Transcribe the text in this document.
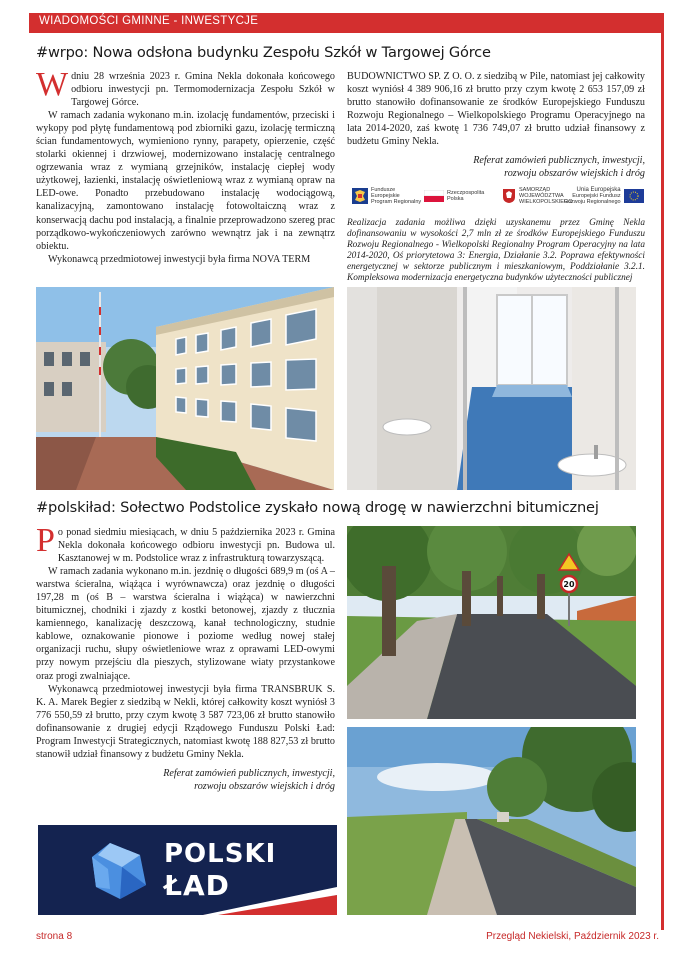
WIADOMOŚCI GMINNE - INWESTYCJE
#wrpo: Nowa odsłona budynku Zespołu Szkół w Targowej Górce

Wdniu 28 września 2023 r. Gmina Nekla dokonała końcowego odbioru inwestycji pn. Termomodernizacja Zespołu Szkół w Targowej Górce.

W ramach zadania wykonano m.in. izolację fundamentów, przeciski i wykopy pod płytę fundamentową pod zbiorniki gazu, izolację termiczną ścian fundamentowych, wymieniono rynny, parapety, opierzenie, część stolarki okiennej i drzwiowej, modernizowano instalację centralnego ogrzewania wraz z wymianą grzejników, instalację ciepłej wody użytkowej, łazienki, instalację oświetleniową wraz z wymianą opraw na LED-owe. Ponadto przebudowano instalację wodociągową, kanalizacyjną, zamontowano instalację fotowoltaiczną wraz z konserwacją dachu pod instalacją, a finalnie przeprowadzono szereg prac porządkowo-wykończeniowych zarówno wewnątrz jak i na zewnątrz obiektu.

Wykonawcą przedmiotowej inwestycji była firma NOVA TERM

BUDOWNICTWO SP. Z O. O. z siedzibą w Pile, natomiast jej całkowity koszt wyniósł 4 389 906,16 zł brutto przy czym kwotę 2 653 157,09 zł brutto stanowiło dofinansowanie ze środków Europejskiego Funduszu Rozwoju Regionalnego – Wielkopolskiego Programu Operacyjnego na lata 2014-2020, zaś kwotę 1 736 749,07 zł brutto udział finansowy z budżetu Gminy Nekla.

Referat zamówień publicznych, inwestycji,
rozwoju obszarów wiejskich i dróg

Fundusze
Europejskie
Program Regionalny
Rzeczpospolita
Polska
SAMORZĄD
WOJEWÓDZTWA
WIELKOPOLSKIEGO
Unia Europejska
Europejski Fundusz
Rozwoju Regionalnego
Realizacja zadania możliwa dzięki uzyskanemu przez Gminę Nekla dofinansowaniu w wysokości 2,7 mln zł ze środków Europejskiego Funduszu Rozwoju Regionalnego - Wielkopolski Regionalny Program Operacyjny na lata 2014-2020, Oś priorytetowa 3: Energia, Działanie 3.2. Poprawa efektywności energetycznej w sektorze publicznym i mieszkaniowym, Poddziałanie 3.2.1. Kompleksowa modernizacja energetyczna budynków użyteczności publicznej
#polskiład: Sołectwo Podstolice zyskało nową drogę w nawierzchni bitumicznej

Po ponad siedmiu miesiącach, w dniu 5 października 2023 r. Gmina Nekla dokonała końcowego odbioru inwestycji pn. Budowa ul. Kasztanowej w m. Podstolice wraz z infrastrukturą towarzyszącą.

W ramach zadania wykonano m.in. jezdnię o długości 689,9 m (oś A – warstwa ścieralna, wiążąca i wyrównawcza) oraz jezdnię o długości 197,28 m (oś B – warstwa ścieralna i wiążąca) w nawierzchni bitumicznej, chodniki i zjazdy z kostki betonowej, zjazdy z tłucznia kamiennego, kanalizację deszczową, kanał technologiczny, studnie kablowe, oznakowanie pionowe i poziome według nowej stałej organizacji ruchu, słupy oświetleniowe wraz z oprawami LED-owymi przy nowym przejściu dla pieszych, stylizowane wiaty przystankowe oraz progi zwalniające.

Wykonawcą przedmiotowej inwestycji była firma TRANSBRUK S. K. A. Marek Begier z siedzibą w Nekli, której całkowity koszt wyniósł 3 776 550,59 zł brutto, przy czym kwotę 3 587 723,06 zł brutto stanowiło dofinansowanie z drugiej edycji Rządowego Funduszu Polski Ład: Program Inwestycji Strategicznych, natomiast kwotę 188 827,53 zł brutto stanowił udział finansowy z budżetu Gminy Nekla.

Referat zamówień publicznych, inwestycji,
rozwoju obszarów wiejskich i dróg

POLSKI
ŁAD
20
strona 8	Przegląd Nekielski, Październik 2023 r.
